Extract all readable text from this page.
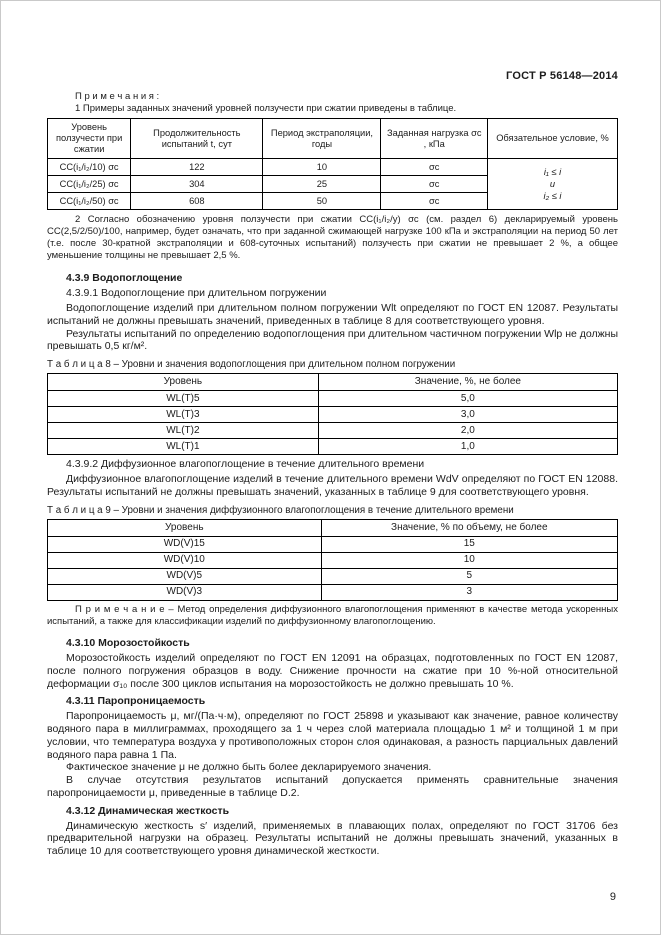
ГОСТ Р 56148—2014
П р и м е ч а н и я :
1 Примеры заданных значений уровней ползучести при сжатии приведены в таблице.
Уровень ползучести при сжатии	Продолжительность испытаний t, сут	Период экстраполяции, годы	Заданная нагрузка σc , кПа	Обязательное условие, %
CC(i₁/i₂/10) σc	122	10	σc	i₁ ≤ i
и
i₂ ≤ i

CC(i₁/i₂/25) σc	304	25	σc	
CC(i₁/i₂/50) σc	608	50	σc	

2 Согласно обозначению уровня ползучести при сжатии CC(i₁/i₂/y) σc (см. раздел 6) декларируемый уровень CC(2,5/2/50)/100, например, будет означать, что при заданной сжимающей нагрузке 100 кПа и экстраполяции на период 50 лет (т.е. после 30-кратной экстраполяции и 608-суточных испытаний) ползучесть при сжатии не превышает 2 %, а общее уменьшение толщины не превышает 2,5 %.

4.3.9 Водопоглощение

4.3.9.1 Водопоглощение при длительном погружении

Водопоглощение изделий при длительном полном погружении Wlt определяют по ГОСТ EN 12087. Результаты испытаний не должны превышать значений, приведенных в таблице 8 для соответствующего уровня.

Результаты испытаний по определению водопоглощения при длительном частичном погружении Wlp не должны превышать 0,5 кг/м².

Т а б л и ц а 8 – Уровни и значения водопоглощения при длительном полном погружении

Уровень	Значение, %, не более
WL(T)5	5,0
WL(T)3	3,0
WL(T)2	2,0
WL(T)1	1,0

4.3.9.2 Диффузионное влагопоглощение в течение длительного времени

Диффузионное влагопоглощение изделий в течение длительного времени WdV определяют по ГОСТ EN 12088. Результаты испытаний не должны превышать значений, указанных в таблице 9 для соответствующего уровня.

Т а б л и ц а 9 – Уровни и значения диффузионного влагопоглощения в течение длительного времени

Уровень	Значение, % по объему, не более
WD(V)15	15
WD(V)10	10
WD(V)5	5
WD(V)3	3

П р и м е ч а н и е – Метод определения диффузионного влагопоглощения применяют в качестве метода ускоренных испытаний, а также для классификации изделий по диффузионному влагопоглощению.

4.3.10 Морозостойкость

Морозостойкость изделий определяют по ГОСТ EN 12091 на образцах, подготовленных по ГОСТ EN 12087, после полного погружения образцов в воду. Снижение прочности на сжатие при 10 %-ной относительной деформации σ₁₀ после 300 циклов испытания на морозостойкость не должно превышать 10 %.

4.3.11 Паропроницаемость

Паропроницаемость μ, мг/(Па·ч·м), определяют по ГОСТ 25898 и указывают как значение, равное количеству водяного пара в миллиграммах, проходящего за 1 ч через слой материала площадью 1 м² и толщиной 1 м при условии, что температура воздуха у противоположных сторон слоя одинаковая, а разность парциальных давлений водяного пара равна 1 Па.

Фактическое значение μ не должно быть более декларируемого значения.

В случае отсутствия результатов испытаний допускается применять сравнительные значения паропроницаемости μ, приведенные в таблице D.2.

4.3.12 Динамическая жесткость

Динамическую жесткость s′ изделий, применяемых в плавающих полах, определяют по ГОСТ 31706 без предварительной нагрузки на образец. Результаты испытаний не должны превышать значений, указанных в таблице 10 для соответствующего уровня динамической жесткости.

9
